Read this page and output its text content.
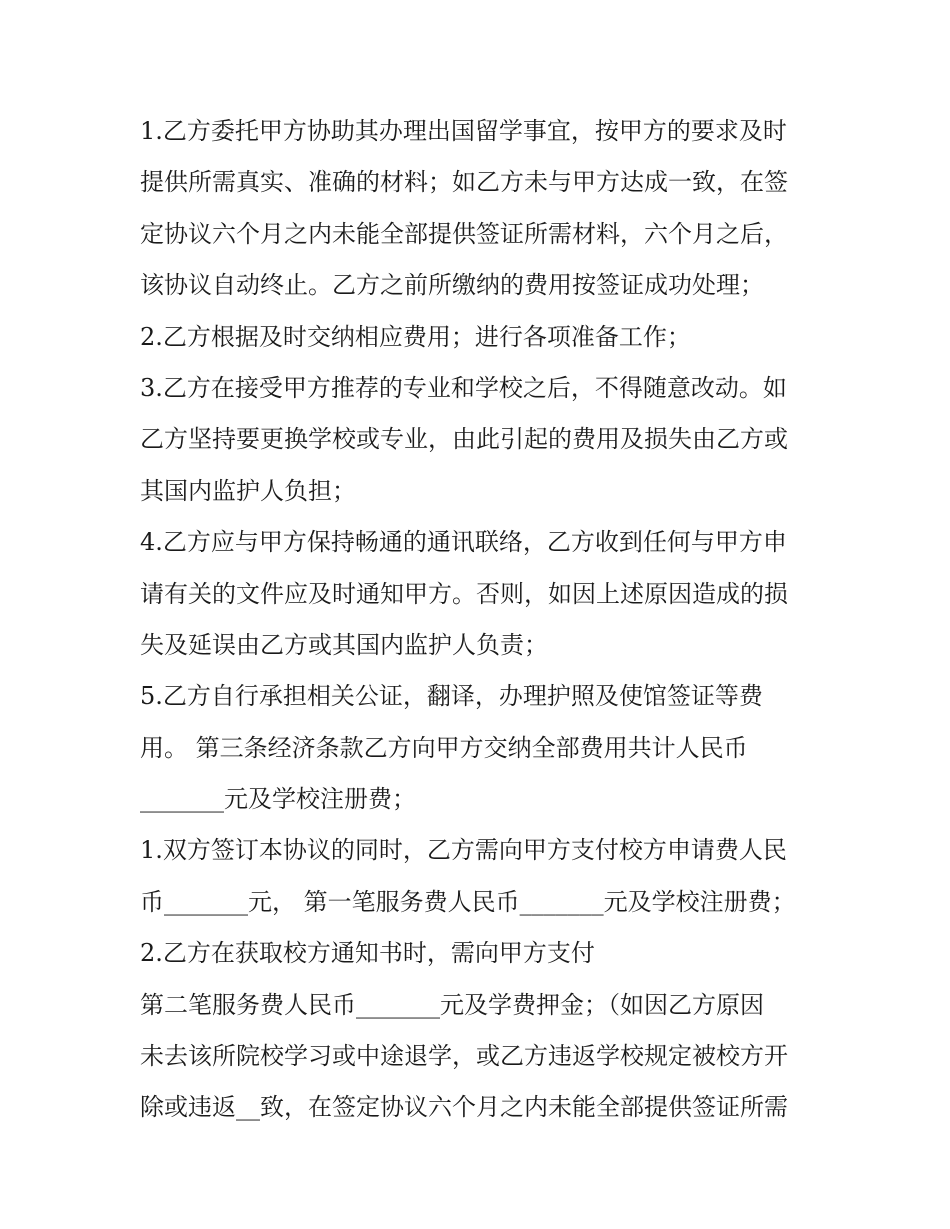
1.乙方委托甲方协助其办理出国留学事宜，按甲方的要求及时
提供所需真实、准确的材料；如乙方未与甲方达成一致，在签
定协议六个月之内未能全部提供签证所需材料，六个月之后，
该协议自动终止。乙方之前所缴纳的费用按签证成功处理；
2.乙方根据及时交纳相应费用；进行各项准备工作；
3.乙方在接受甲方推荐的专业和学校之后，不得随意改动。如
乙方坚持要更换学校或专业，由此引起的费用及损失由乙方或
其国内监护人负担；
4.乙方应与甲方保持畅通的通讯联络，乙方收到任何与甲方申
请有关的文件应及时通知甲方。否则，如因上述原因造成的损
失及延误由乙方或其国内监护人负责；
5.乙方自行承担相关公证，翻译，办理护照及使馆签证等费
用。 第三条经济条款乙方向甲方交纳全部费用共计人民币
_______元及学校注册费；
1.双方签订本协议的同时，乙方需向甲方支付校方申请费人民
币_______元， 第一笔服务费人民币_______元及学校注册费；
2.乙方在获取校方通知书时，需向甲方支付
第二笔服务费人民币_______元及学费押金；（如因乙方原因
未去该所院校学习或中途退学，或乙方违返学校规定被校方开
除或违返__致，在签定协议六个月之内未能全部提供签证所需
